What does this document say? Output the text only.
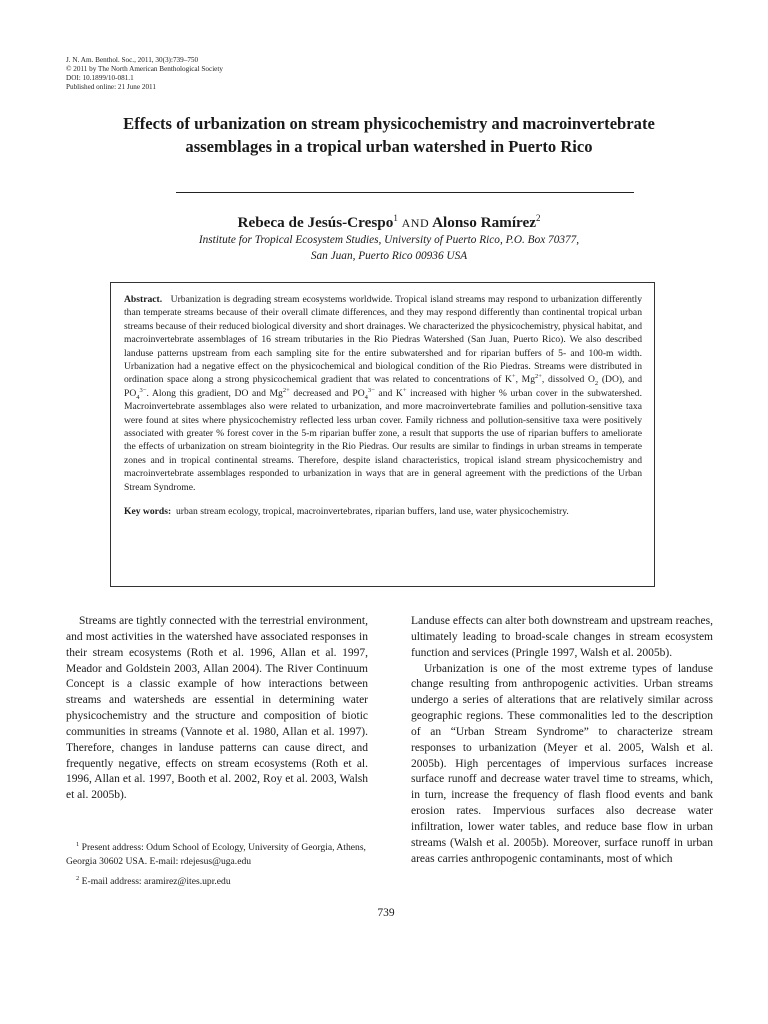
J. N. Am. Benthol. Soc., 2011, 30(3):739–750
© 2011 by The North American Benthological Society
DOI: 10.1899/10-081.1
Published online: 21 June 2011
Effects of urbanization on stream physicochemistry and macroinvertebrate assemblages in a tropical urban watershed in Puerto Rico
Rebeca de Jesús-Crespo$^1$ AND Alonso Ramírez$^2$
Institute for Tropical Ecosystem Studies, University of Puerto Rico, P.O. Box 70377,
San Juan, Puerto Rico 00936 USA

Abstract. Urbanization is degrading stream ecosystems worldwide. Tropical island streams may respond to urbanization differently than temperate streams because of their overall climate differences, and they may respond differently than continental tropical urban streams because of their reduced biological diversity and short drainages. We characterized the physicochemistry, physical habitat, and macroinvertebrate assemblages of 16 stream tributaries in the Rio Piedras Watershed (San Juan, Puerto Rico). We also described landuse patterns upstream from each sampling site for the entire subwatershed and for riparian buffers of 5- and 100-m width. Urbanization had a negative effect on the physicochemical and biological condition of the Rio Piedras. Streams were distributed in ordination space along a strong physicochemical gradient that was related to concentrations of K+, $Mg^{2+}$, dissolved $O_2$ (DO), and $PO_4^{3-}$. Along this gradient, DO and $Mg^{2+}$ decreased and $PO_4^{3-}$ and K+ increased with higher % urban cover in the subwatershed. Macroinvertebrate assemblages also were related to urbanization, and more macroinvertebrate families and pollution-sensitive taxa were found at sites where physicochemistry reflected less urban cover. Family richness and pollution-sensitive taxa were positively associated with greater % forest cover in the 5-m riparian buffer zone, a result that supports the use of riparian buffers to ameliorate the effects of urbanization on stream biointegrity in the Rio Piedras. Our results are similar to findings in urban streams in temperate zones and in tropical continental streams. Therefore, despite island characteristics, tropical island stream physicochemistry and macroinvertebrate assemblages responded to urbanization in ways that are in general agreement with the predictions of the Urban Stream Syndrome.

Key words: urban stream ecology, tropical, macroinvertebrates, riparian buffers, land use, water physicochemistry.

Streams are tightly connected with the terrestrial environment, and most activities in the watershed have associated responses in their stream ecosystems (Roth et al. 1996, Allan et al. 1997, Meador and Goldstein 2003, Allan 2004). The River Continuum Concept is a classic example of how interactions between streams and watersheds are essential in determining water physicochemistry and the structure and composition of biotic communities in streams (Vannote et al. 1980, Allan et al. 1997). Therefore, changes in landuse patterns can cause direct, and frequently negative, effects on stream ecosystems (Roth et al. 1996, Allan et al. 1997, Booth et al. 2002, Roy et al. 2003, Walsh et al. 2005b).

Landuse effects can alter both downstream and upstream reaches, ultimately leading to broad-scale changes in stream ecosystem function and services (Pringle 1997, Walsh et al. 2005b).

Urbanization is one of the most extreme types of landuse change resulting from anthropogenic activities. Urban streams undergo a series of alterations that are relatively similar across geographic regions. These commonalities led to the description of an “Urban Stream Syndrome” to characterize stream responses to urbanization (Meyer et al. 2005, Walsh et al. 2005b). High percentages of impervious surfaces increase surface runoff and decrease water travel time to streams, which, in turn, increase the frequency of flash flood events and bank erosion rates. Impervious surfaces also decrease water infiltration, lower water tables, and reduce base flow in urban streams (Walsh et al. 2005b). Moreover, surface runoff in urban areas carries anthropogenic contaminants, most of which

$^1$ Present address: Odum School of Ecology, University of Georgia, Athens, Georgia 30602 USA. E-mail: rdejesus@uga.edu

$^2$ E-mail address: aramirez@ites.upr.edu

739
